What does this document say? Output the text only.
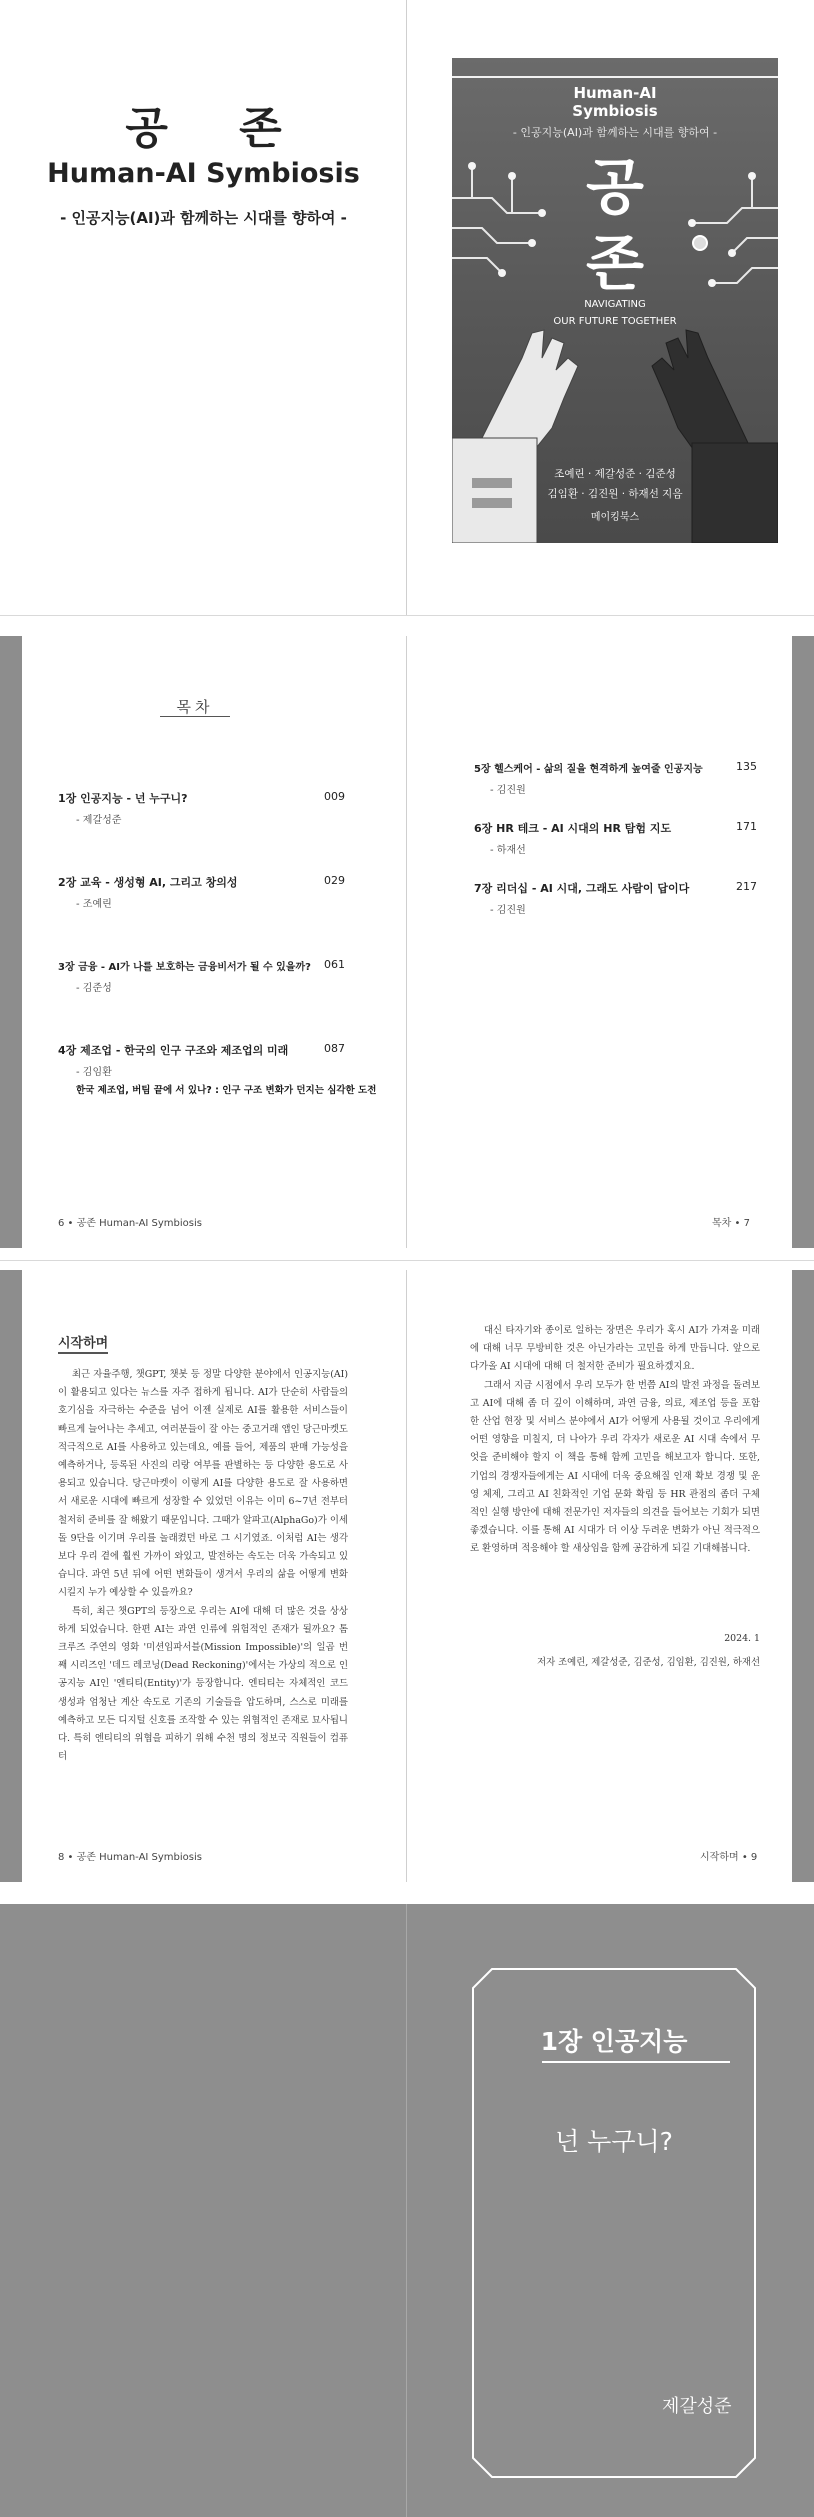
공 존
Human-AI Symbiosis
- 인공지능(AI)과 함께하는 시대를 향하여 -
Human-AI
Symbiosis
- 인공지능(AI)과 함께하는 시대를 향하여 -
공
존
NAVIGATING
OUR FUTURE TOGETHER
조예린 · 제갈성준 · 김준성
김임환 · 김진원 · 하재선 지음
메이킹북스
목차
1장 인공지능 - 넌 누구니?	009
- 제갈성준
2장 교육 - 생성형 AI, 그리고 창의성	029
- 조예린
3장 금융 - AI가 나를 보호하는 금융비서가 될 수 있을까? 061
- 김준성
4장 제조업 - 한국의 인구 구조와 제조업의 미래	087
- 김임환
한국 제조업, 버팀 끝에 서 있나? : 인구 구조 변화가 던지는 심각한 도전
5장 헬스케어 - 삶의 질을 현격하게 높여줄 인공지능	135
- 김진원
6장 HR 테크 - AI 시대의 HR 탐험 지도	171
- 하재선
7장 리더십 - AI 시대, 그래도 사람이 답이다	217
- 김진원
6 • 공존 Human-AI Symbiosis	목차 • 7
시작하며

최근 자율주행, 챗GPT, 챗봇 등 정말 다양한 분야에서 인공지능(AI)이 활용되고 있다는 뉴스를 자주 접하게 됩니다. AI가 단순히 사람들의 호기심을 자극하는 수준을 넘어 이젠 실제로 AI를 활용한 서비스들이 빠르게 늘어나는 추세고, 여러분들이 잘 아는 중고거래 앱인 당근마켓도 적극적으로 AI를 사용하고 있는데요, 예를 들어, 제품의 판매 가능성을 예측하거나, 등록된 사진의 리랑 여부를 판별하는 등 다양한 용도로 사용되고 있습니다. 당근마켓이 이렇게 AI를 다양한 용도로 잘 사용하면서 새로운 시대에 빠르게 성장할 수 있었던 이유는 이미 6~7년 전부터 철저히 준비를 잘 해왔기 때문입니다. 그때가 알파고(AlphaGo)가 이세돌 9단을 이기며 우리를 놀래켰던 바로 그 시기였죠. 이처럼 AI는 생각보다 우리 곁에 훨씬 가까이 와있고, 발전하는 속도는 더욱 가속되고 있습니다. 과연 5년 뒤에 어떤 변화들이 생겨서 우리의 삶을 어떻게 변화시킬지 누가 예상할 수 있을까요?

특히, 최근 챗GPT의 등장으로 우리는 AI에 대해 더 많은 것을 상상하게 되었습니다. 한편 AI는 과연 인류에 위험적인 존재가 될까요? 톰 크루즈 주연의 영화 '미션임파서블(Mission Impossible)'의 일곱 번째 시리즈인 '데드 레코닝(Dead Reckoning)'에서는 가상의 적으로 인공지능 AI인 '엔티티(Entity)'가 등장합니다. 엔티티는 자체적인 코드 생성과 엄청난 계산 속도로 기존의 기술들을 압도하며, 스스로 미래를 예측하고 모든 디지털 신호를 조작할 수 있는 위협적인 존재로 묘사됩니다. 특히 엔티티의 위협을 피하기 위해 수천 명의 정보국 직원들이 컴퓨터

대신 타자기와 종이로 일하는 장면은 우리가 혹시 AI가 가져올 미래에 대해 너무 무방비한 것은 아닌가라는 고민을 하게 만듭니다. 앞으로 다가올 AI 시대에 대해 더 철저한 준비가 필요하겠지요.

그래서 지금 시점에서 우리 모두가 한 번쯤 AI의 발전 과정을 돌려보고 AI에 대해 좀 더 깊이 이해하며, 과연 금융, 의료, 제조업 등을 포함한 산업 현장 및 서비스 분야에서 AI가 어떻게 사용될 것이고 우리에게 어떤 영향을 미칠지, 더 나아가 우리 각자가 새로운 AI 시대 속에서 무엇을 준비해야 할지 이 책을 통해 함께 고민을 해보고자 합니다. 또한, 기업의 경쟁자들에게는 AI 시대에 더욱 중요해질 인재 확보 경쟁 및 운영 체제, 그리고 AI 친화적인 기업 문화 확립 등 HR 관점의 좀더 구체적인 실행 방안에 대해 전문가인 저자들의 의견을 들어보는 기회가 되면 좋겠습니다. 이를 통해 AI 시대가 더 이상 두려운 변화가 아닌 적극적으로 환영하며 적응해야 할 새상임을 함께 공감하게 되길 기대해봅니다.

2024. 1
저자 조예린, 제갈성준, 김준성, 김임환, 김진원, 하재선
8 • 공존 Human-AI Symbiosis	시작하며 • 9
1장 인공지능
넌 누구니?
제갈성준
